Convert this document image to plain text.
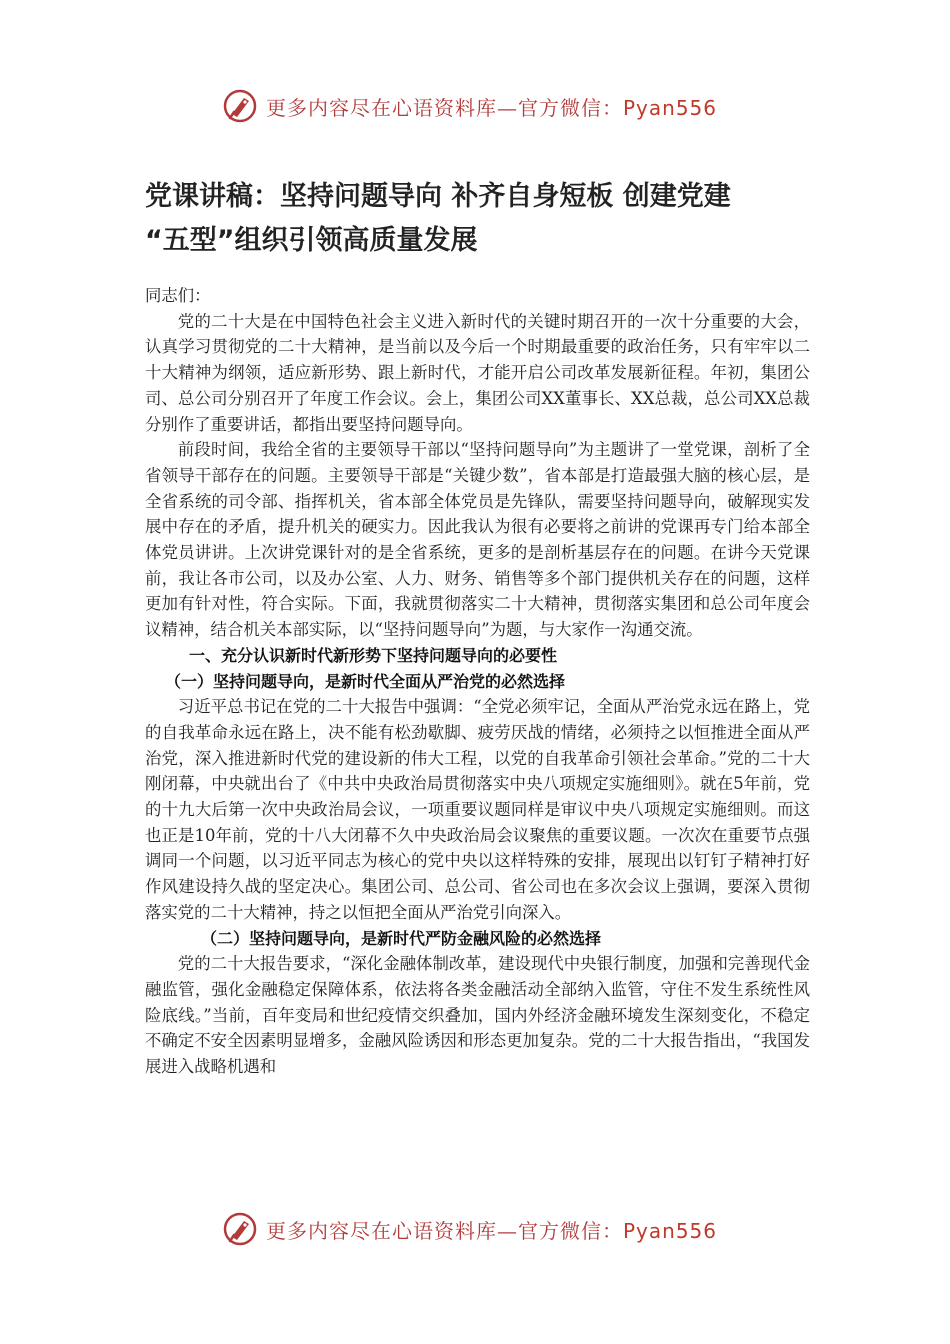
更多内容尽在心语资料库—官方微信：Pyan556
党课讲稿：坚持问题导向 补齐自身短板 创建党建
“五型”组织引领高质量发展

同志们：

党的二十大是在中国特色社会主义进入新时代的关键时期召开的一次十分重要的大会，认真学习贯彻党的二十大精神，是当前以及今后一个时期最重要的政治任务，只有牢牢以二十大精神为纲领，适应新形势、跟上新时代，才能开启公司改革发展新征程。年初，集团公司、总公司分别召开了年度工作会议。会上，集团公司XX董事长、XX总裁，总公司XX总裁分别作了重要讲话，都指出要坚持问题导向。

前段时间，我给全省的主要领导干部以“坚持问题导向”为主题讲了一堂党课，剖析了全省领导干部存在的问题。主要领导干部是“关键少数”，省本部是打造最强大脑的核心层，是全省系统的司令部、指挥机关，省本部全体党员是先锋队，需要坚持问题导向，破解现实发展中存在的矛盾，提升机关的硬实力。因此我认为很有必要将之前讲的党课再专门给本部全体党员讲讲。上次讲党课针对的是全省系统，更多的是剖析基层存在的问题。在讲今天党课前，我让各市公司，以及办公室、人力、财务、销售等多个部门提供机关存在的问题，这样更加有针对性，符合实际。下面，我就贯彻落实二十大精神，贯彻落实集团和总公司年度会议精神，结合机关本部实际，以“坚持问题导向”为题，与大家作一沟通交流。

一、充分认识新时代新形势下坚持问题导向的必要性
（一）坚持问题导向，是新时代全面从严治党的必然选择

习近平总书记在党的二十大报告中强调：“全党必须牢记，全面从严治党永远在路上，党的自我革命永远在路上，决不能有松劲歇脚、疲劳厌战的情绪，必须持之以恒推进全面从严治党，深入推进新时代党的建设新的伟大工程，以党的自我革命引领社会革命。”党的二十大刚闭幕，中央就出台了《中共中央政治局贯彻落实中央八项规定实施细则》。就在5年前，党的十九大后第一次中央政治局会议，一项重要议题同样是审议中央八项规定实施细则。而这也正是10年前，党的十八大闭幕不久中央政治局会议聚焦的重要议题。一次次在重要节点强调同一个问题，以习近平同志为核心的党中央以这样特殊的安排，展现出以钉钉子精神打好作风建设持久战的坚定决心。集团公司、总公司、省公司也在多次会议上强调，要深入贯彻落实党的二十大精神，持之以恒把全面从严治党引向深入。

（二）坚持问题导向，是新时代严防金融风险的必然选择

党的二十大报告要求，“深化金融体制改革，建设现代中央银行制度，加强和完善现代金融监管，强化金融稳定保障体系，依法将各类金融活动全部纳入监管，守住不发生系统性风险底线。”当前，百年变局和世纪疫情交织叠加，国内外经济金融环境发生深刻变化，不稳定不确定不安全因素明显增多，金融风险诱因和形态更加复杂。党的二十大报告指出，“我国发展进入战略机遇和

更多内容尽在心语资料库—官方微信：Pyan556
